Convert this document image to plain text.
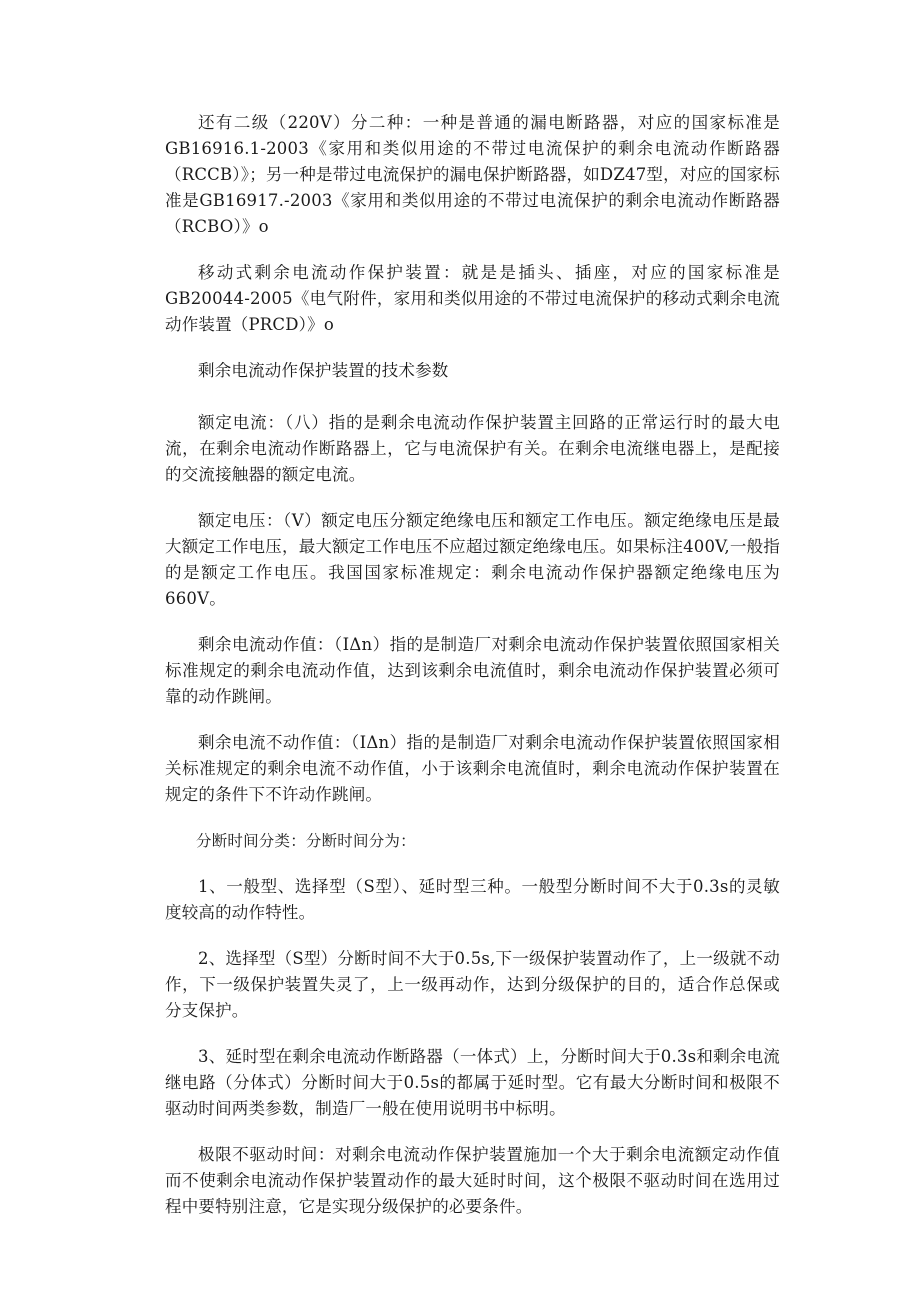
还有二级（220V）分二种：一种是普通的漏电断路器，对应的国家标准是GB16916.1-2003《家用和类似用途的不带过电流保护的剩余电流动作断路器（RCCB）》；另一种是带过电流保护的漏电保护断路器，如DZ47型，对应的国家标准是GB16917.-2003《家用和类似用途的不带过电流保护的剩余电流动作断路器（RCBO）》o

移动式剩余电流动作保护装置：就是是插头、插座，对应的国家标准是GB20044-2005《电气附件，家用和类似用途的不带过电流保护的移动式剩余电流动作装置（PRCD）》o

剩余电流动作保护装置的技术参数

额定电流：（八）指的是剩余电流动作保护装置主回路的正常运行时的最大电流，在剩余电流动作断路器上，它与电流保护有关。在剩余电流继电器上，是配接的交流接触器的额定电流。

额定电压：（V）额定电压分额定绝缘电压和额定工作电压。额定绝缘电压是最大额定工作电压，最大额定工作电压不应超过额定绝缘电压。如果标注400V,一般指的是额定工作电压。我国国家标准规定：剩余电流动作保护器额定绝缘电压为660V。

剩余电流动作值：（IΔn）指的是制造厂对剩余电流动作保护装置依照国家相关标准规定的剩余电流动作值，达到该剩余电流值时，剩余电流动作保护装置必须可靠的动作跳闸。

剩余电流不动作值：（IΔn）指的是制造厂对剩余电流动作保护装置依照国家相关标准规定的剩余电流不动作值，小于该剩余电流值时，剩余电流动作保护装置在规定的条件下不许动作跳闸。

分断时间分类：分断时间分为：

1、一般型、选择型（S型）、延时型三种。一般型分断时间不大于0.3s的灵敏度较高的动作特性。

2、选择型（S型）分断时间不大于0.5s,下一级保护装置动作了，上一级就不动作，下一级保护装置失灵了，上一级再动作，达到分级保护的目的，适合作总保或分支保护。

3、延时型在剩余电流动作断路器（一体式）上，分断时间大于0.3s和剩余电流继电路（分体式）分断时间大于0.5s的都属于延时型。它有最大分断时间和极限不驱动时间两类参数，制造厂一般在使用说明书中标明。

极限不驱动时间：对剩余电流动作保护装置施加一个大于剩余电流额定动作值而不使剩余电流动作保护装置动作的最大延时时间，这个极限不驱动时间在选用过程中要特别注意，它是实现分级保护的必要条件。
